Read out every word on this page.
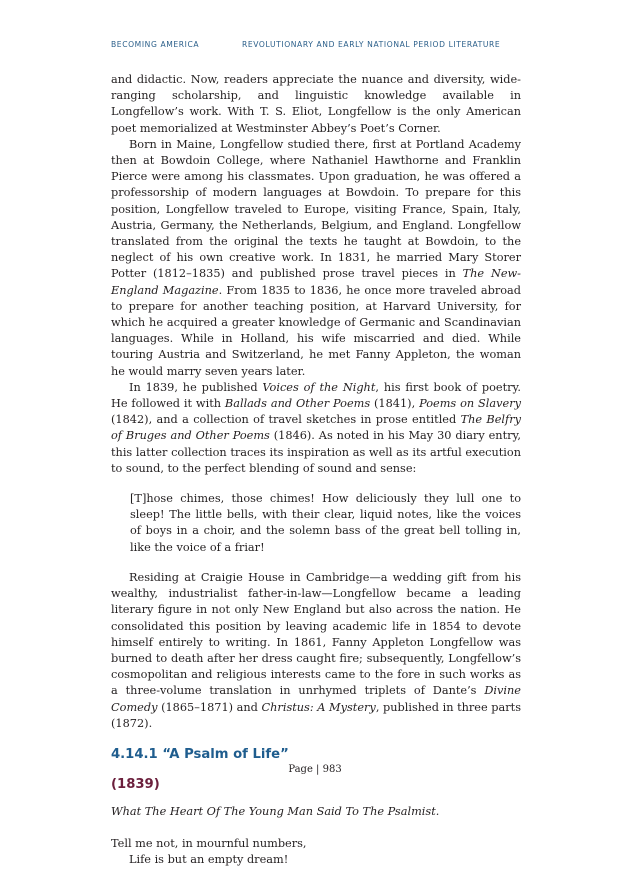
BECOMING AMERICA	REVOLUTIONARY AND EARLY NATIONAL PERIOD LITERATURE

and didactic. Now, readers appreciate the nuance and diversity, wide-ranging scholarship, and linguistic knowledge available in Longfellow’s work. With T. S. Eliot, Longfellow is the only American poet memorialized at Westminster Abbey’s Poet’s Corner.

Born in Maine, Longfellow studied there, first at Portland Academy then at Bowdoin College, where Nathaniel Hawthorne and Franklin Pierce were among his classmates. Upon graduation, he was offered a professorship of modern languages at Bowdoin. To prepare for this position, Longfellow traveled to Europe, visiting France, Spain, Italy, Austria, Germany, the Netherlands, Belgium, and England. Longfellow translated from the original the texts he taught at Bowdoin, to the neglect of his own creative work. In 1831, he married Mary Storer Potter (1812–1835) and published prose travel pieces in The New-England Magazine. From 1835 to 1836, he once more traveled abroad to prepare for another teaching position, at Harvard University, for which he acquired a greater knowledge of Germanic and Scandinavian languages. While in Holland, his wife miscarried and died. While touring Austria and Switzerland, he met Fanny Appleton, the woman he would marry seven years later.

In 1839, he published Voices of the Night, his first book of poetry. He followed it with Ballads and Other Poems (1841), Poems on Slavery (1842), and a collection of travel sketches in prose entitled The Belfry of Bruges and Other Poems (1846). As noted in his May 30 diary entry, this latter collection traces its inspiration as well as its artful execution to sound, to the perfect blending of sound and sense:

[T]hose chimes, those chimes! How deliciously they lull one to sleep! The little bells, with their clear, liquid notes, like the voices of boys in a choir, and the solemn bass of the great bell tolling in, like the voice of a friar!

Residing at Craigie House in Cambridge—a wedding gift from his wealthy, industrialist father-in-law—Longfellow became a leading literary figure in not only New England but also across the nation. He consolidated this position by leaving academic life in 1854 to devote himself entirely to writing. In 1861, Fanny Appleton Longfellow was burned to death after her dress caught fire; subsequently, Longfellow’s cosmopolitan and religious interests came to the fore in such works as a three-volume translation in unrhymed triplets of Dante’s Divine Comedy (1865–1871) and Christus: A Mystery, published in three parts (1872).

4.14.1 “A Psalm of Life”

(1839)

What The Heart Of The Young Man Said To The Psalmist.

Tell me not, in mournful numbers,
Life is but an empty dream!
Page | 983
